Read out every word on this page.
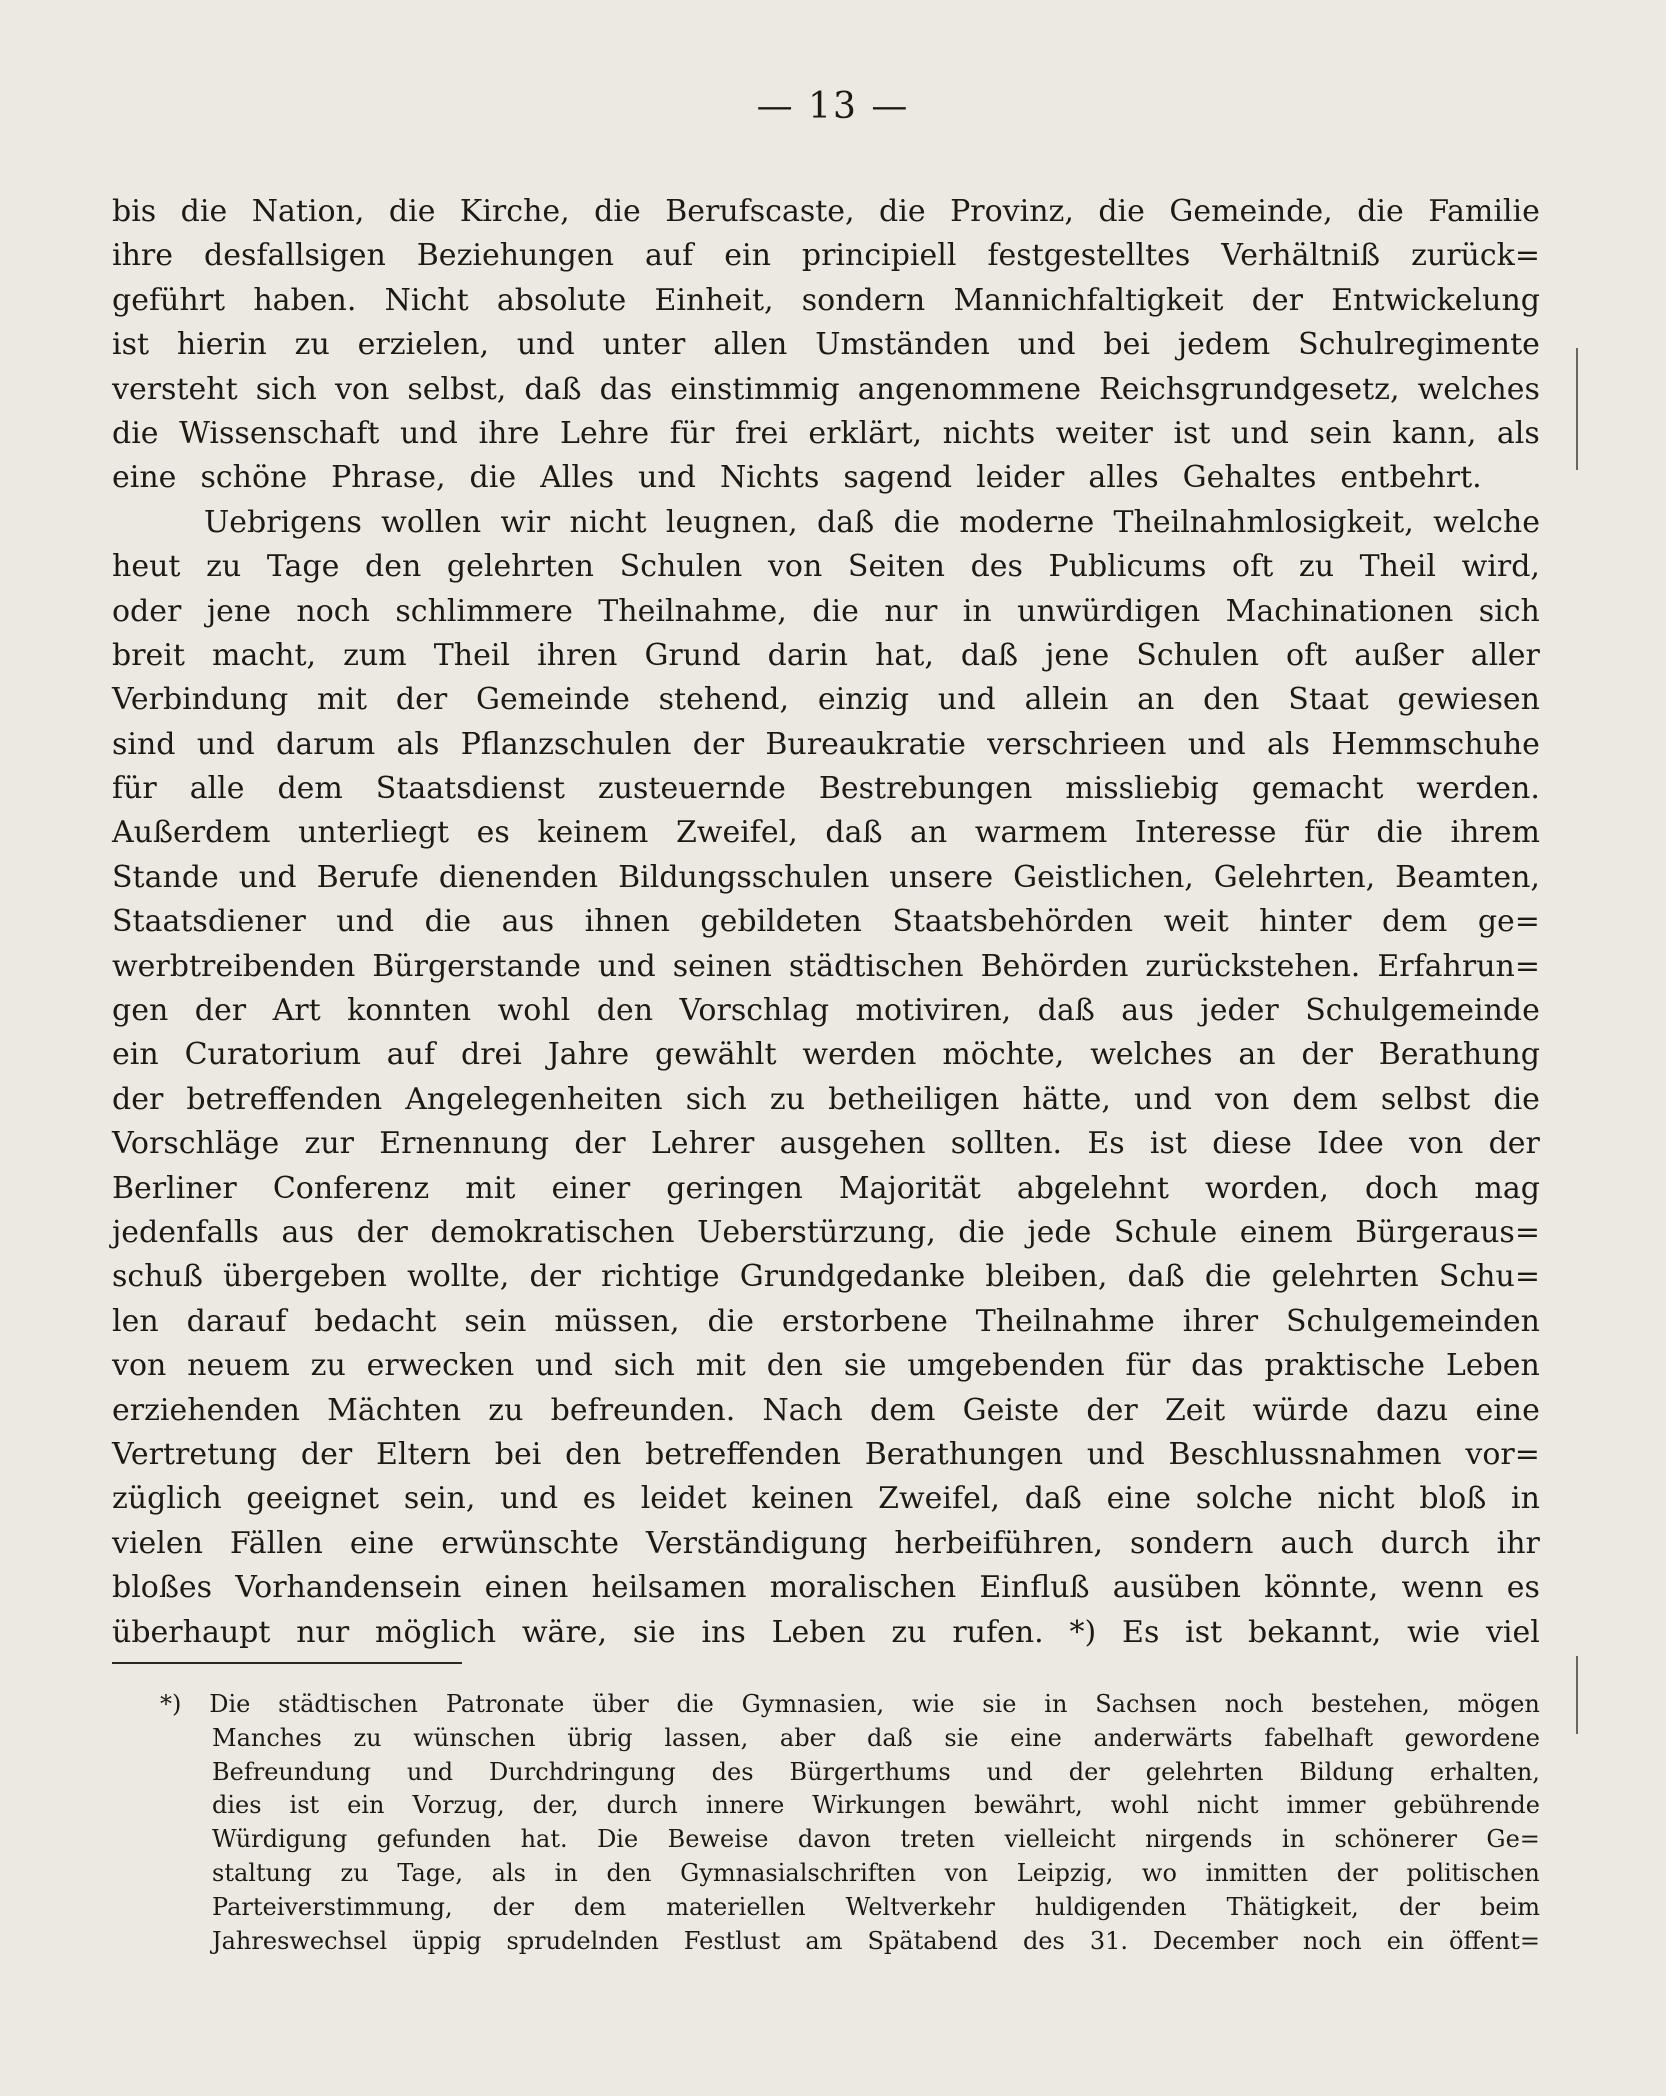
— 13 —
bis die Nation, die Kirche, die Berufscaste, die Provinz, die Gemeinde, die Familie
ihre desfallsigen Beziehungen auf ein principiell festgestelltes Verhältniß zurück=
geführt haben. Nicht absolute Einheit, sondern Mannichfaltigkeit der Entwickelung
ist hierin zu erzielen, und unter allen Umständen und bei jedem Schulregimente
versteht sich von selbst, daß das einstimmig angenommene Reichsgrundgesetz, welches
die Wissenschaft und ihre Lehre für frei erklärt, nichts weiter ist und sein kann, als
eine schöne Phrase, die Alles und Nichts sagend leider alles Gehaltes entbehrt.
Uebrigens wollen wir nicht leugnen, daß die moderne Theilnahmlosigkeit, welche
heut zu Tage den gelehrten Schulen von Seiten des Publicums oft zu Theil wird,
oder jene noch schlimmere Theilnahme, die nur in unwürdigen Machinationen sich
breit macht, zum Theil ihren Grund darin hat, daß jene Schulen oft außer aller
Verbindung mit der Gemeinde stehend, einzig und allein an den Staat gewiesen
sind und darum als Pflanzschulen der Bureaukratie verschrieen und als Hemmschuhe
für alle dem Staatsdienst zusteuernde Bestrebungen missliebig gemacht werden.
Außerdem unterliegt es keinem Zweifel, daß an warmem Interesse für die ihrem
Stande und Berufe dienenden Bildungsschulen unsere Geistlichen, Gelehrten, Beamten,
Staatsdiener und die aus ihnen gebildeten Staatsbehörden weit hinter dem ge=
werbtreibenden Bürgerstande und seinen städtischen Behörden zurückstehen. Erfahrun=
gen der Art konnten wohl den Vorschlag motiviren, daß aus jeder Schulgemeinde
ein Curatorium auf drei Jahre gewählt werden möchte, welches an der Berathung
der betreffenden Angelegenheiten sich zu betheiligen hätte, und von dem selbst die
Vorschläge zur Ernennung der Lehrer ausgehen sollten. Es ist diese Idee von der
Berliner Conferenz mit einer geringen Majorität abgelehnt worden, doch mag
jedenfalls aus der demokratischen Ueberstürzung, die jede Schule einem Bürgeraus=
schuß übergeben wollte, der richtige Grundgedanke bleiben, daß die gelehrten Schu=
len darauf bedacht sein müssen, die erstorbene Theilnahme ihrer Schulgemeinden
von neuem zu erwecken und sich mit den sie umgebenden für das praktische Leben
erziehenden Mächten zu befreunden. Nach dem Geiste der Zeit würde dazu eine
Vertretung der Eltern bei den betreffenden Berathungen und Beschlussnahmen vor=
züglich geeignet sein, und es leidet keinen Zweifel, daß eine solche nicht bloß in
vielen Fällen eine erwünschte Verständigung herbeiführen, sondern auch durch ihr
bloßes Vorhandensein einen heilsamen moralischen Einfluß ausüben könnte, wenn es
überhaupt nur möglich wäre, sie ins Leben zu rufen. *) Es ist bekannt, wie viel
*) Die städtischen Patronate über die Gymnasien, wie sie in Sachsen noch bestehen, mögen
Manches zu wünschen übrig lassen, aber daß sie eine anderwärts fabelhaft gewordene
Befreundung und Durchdringung des Bürgerthums und der gelehrten Bildung erhalten,
dies ist ein Vorzug, der, durch innere Wirkungen bewährt, wohl nicht immer gebührende
Würdigung gefunden hat. Die Beweise davon treten vielleicht nirgends in schönerer Ge=
staltung zu Tage, als in den Gymnasialschriften von Leipzig, wo inmitten der politischen
Parteiverstimmung, der dem materiellen Weltverkehr huldigenden Thätigkeit, der beim
Jahreswechsel üppig sprudelnden Festlust am Spätabend des 31. December noch ein öffent=
